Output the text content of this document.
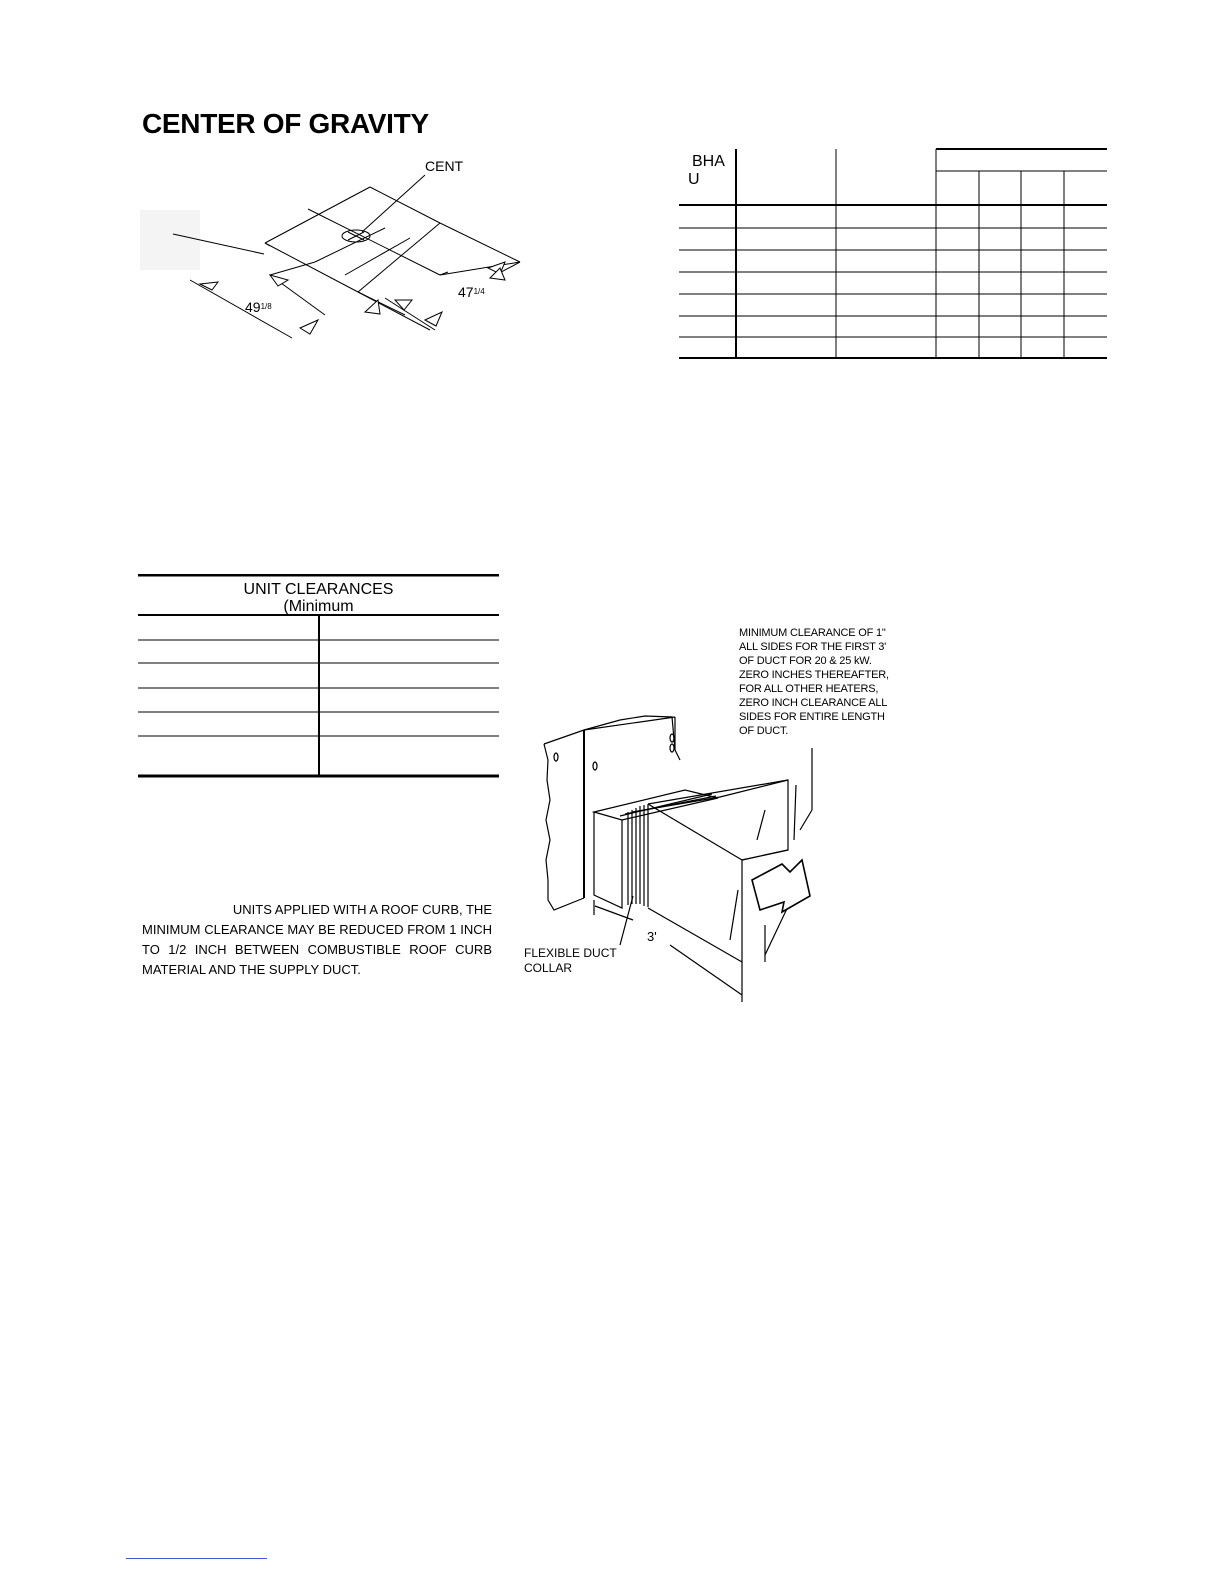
CENTER OF GRAVITY
CENT
$49^{1/8}$
$47^{1/4}$
BHA
U
UNIT CLEARANCES
(Minimum
UNITS APPLIED WITH A ROOF CURB, THE
MINIMUM CLEARANCE MAY BE REDUCED FROM 1 INCH TO 1/2 INCH BETWEEN COMBUSTIBLE ROOF CURB MATERIAL AND THE SUPPLY DUCT.
MINIMUM CLEARANCE OF 1"
ALL SIDES FOR THE FIRST 3'
OF DUCT FOR 20 & 25 kW.
ZERO INCHES THEREAFTER,
FOR ALL OTHER HEATERS,
ZERO INCH CLEARANCE ALL
SIDES FOR ENTIRE LENGTH
OF DUCT.
FLEXIBLE DUCT
COLLAR
3'
